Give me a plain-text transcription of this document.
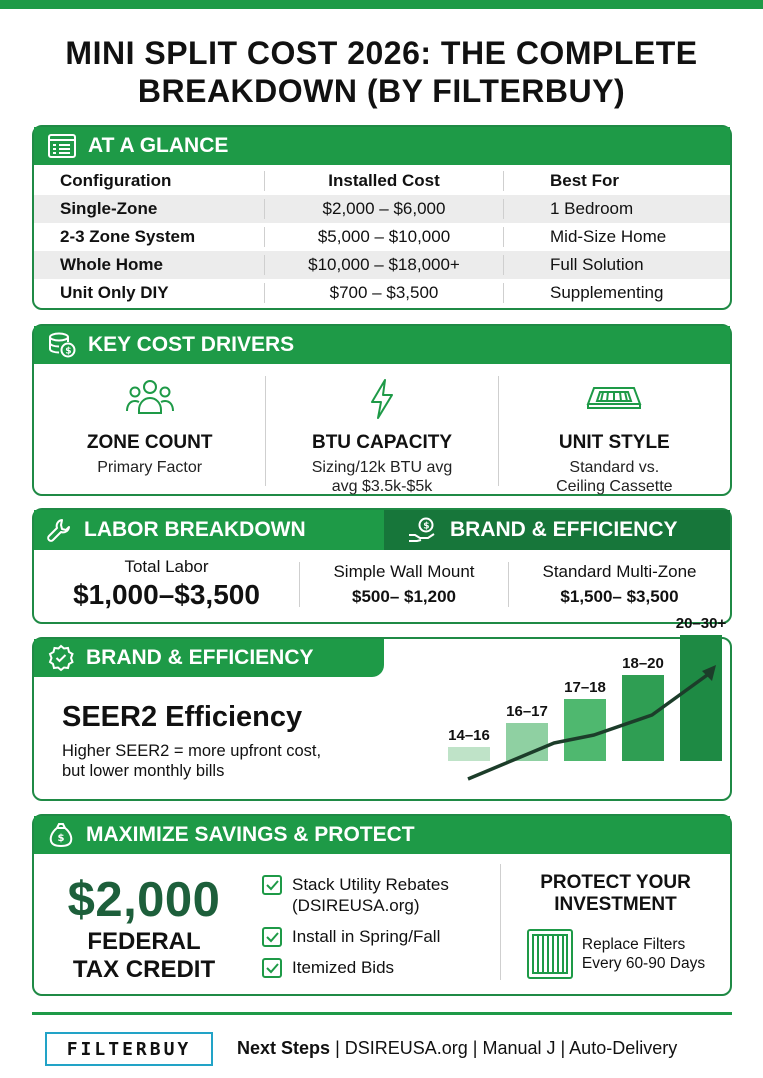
MINI SPLIT COST 2026: THE COMPLETE BREAKDOWN (BY FILTERBUY)
AT A GLANCE
Configuration	Installed Cost	Best For
Single-Zone	$2,000 – $6,000	1 Bedroom
2-3 Zone System	$5,000 – $10,000	Mid-Size Home
Whole Home	$10,000 – $18,000+	Full Solution
Unit Only DIY	$700 – $3,500	Supplementing
$ KEY COST DRIVERS
ZONE COUNT
Primary Factor
BTU CAPACITY
Sizing/12k BTU avg
avg $3.5k-$5k
UNIT STYLE
Standard vs.
Ceiling Cassette
LABOR BREAKDOWN	$ BRAND & EFFICIENCY
Total Labor
$1,000–$3,500
Simple Wall Mount
$500– $1,200
Standard Multi-Zone
$1,500– $3,500
BRAND & EFFICIENCY
SEER2 Efficiency
Higher SEER2 = more upfront cost,
but lower monthly bills
14–16
16–17
17–18
18–20
20–30+
$ MAXIMIZE SAVINGS & PROTECT
$2,000
FEDERAL
TAX CREDIT
Stack Utility Rebates
(DSIREUSA.org)
Install in Spring/Fall
Itemized Bids
PROTECT YOUR
INVESTMENT
Replace Filters
Every 60-90 Days
FILTERBUY	Next Steps | DSIREUSA.org | Manual J | Auto-Delivery
